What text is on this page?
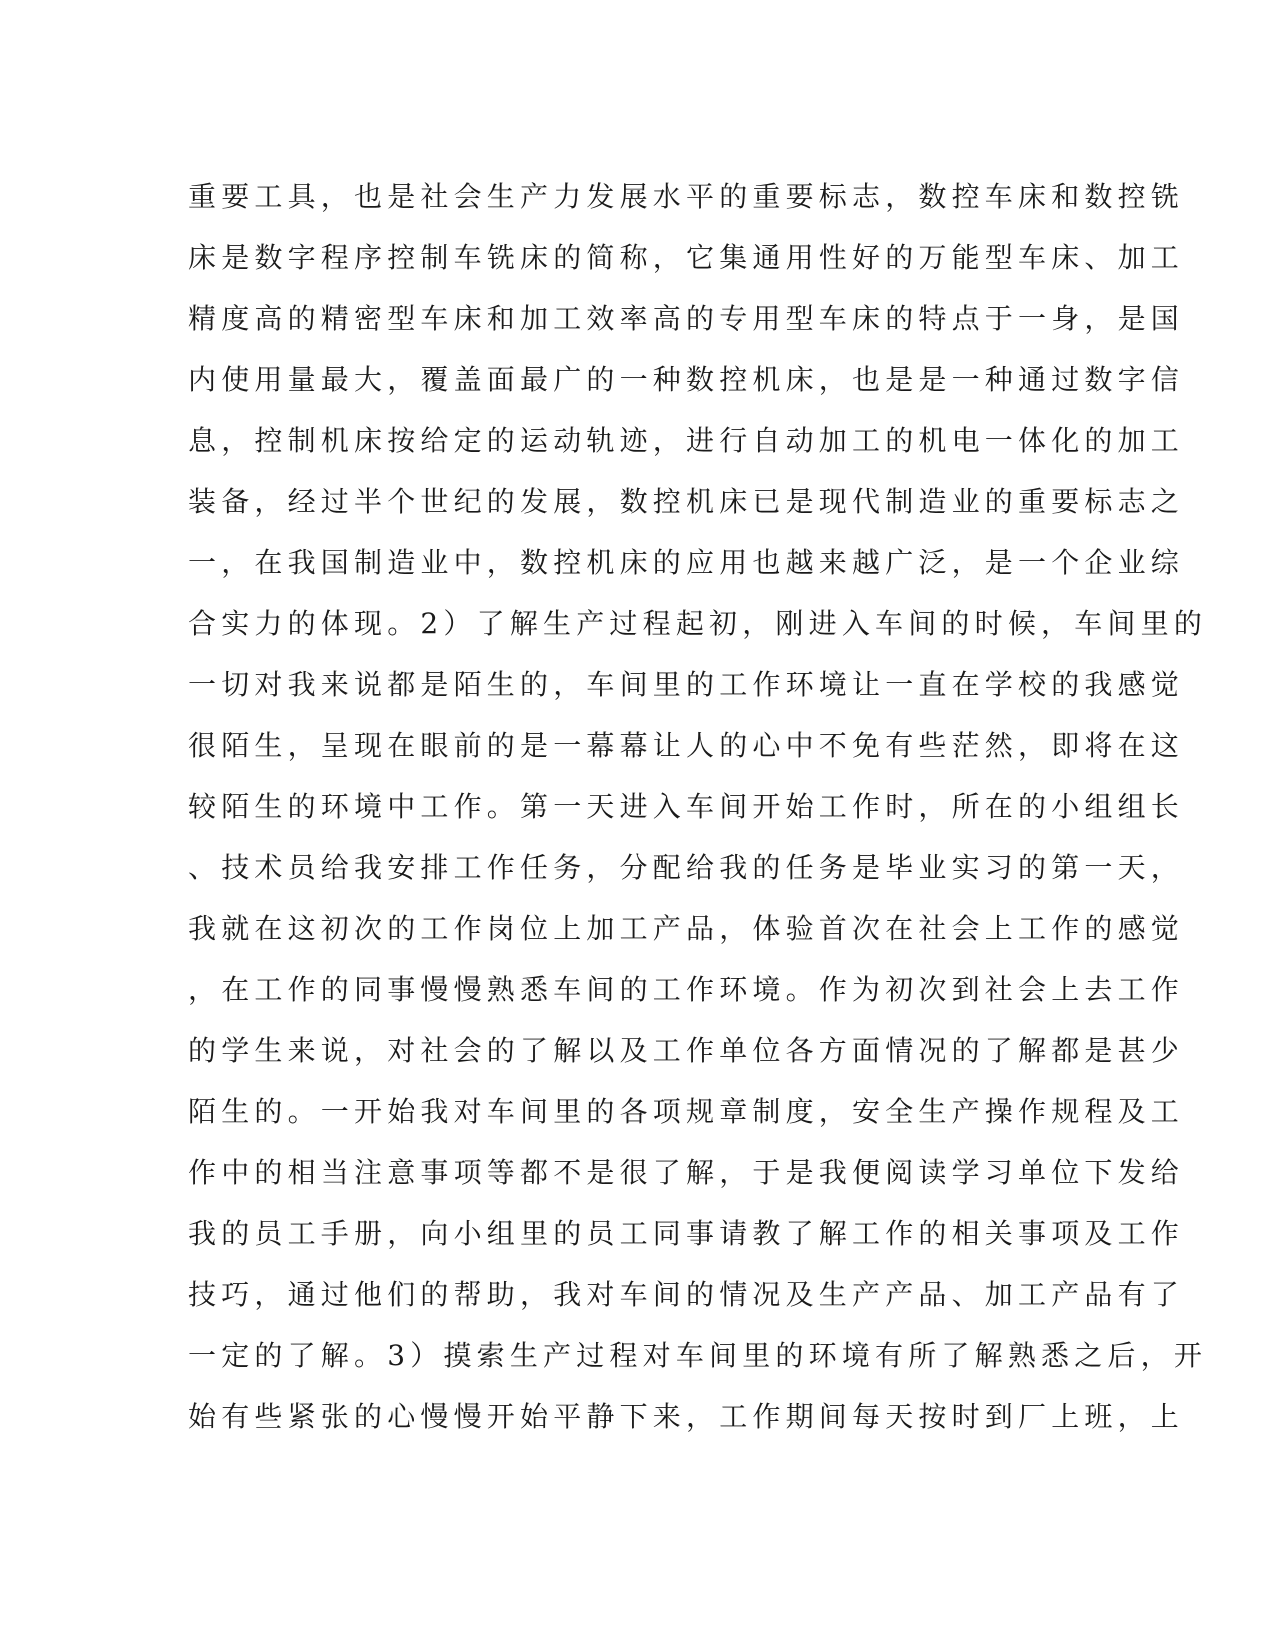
重要工具，也是社会生产力发展水平的重要标志，数控车床和数控铣
床是数字程序控制车铣床的简称，它集通用性好的万能型车床、加工
精度高的精密型车床和加工效率高的专用型车床的特点于一身，是国
内使用量最大，覆盖面最广的一种数控机床，也是是一种通过数字信
息，控制机床按给定的运动轨迹，进行自动加工的机电一体化的加工
装备，经过半个世纪的发展，数控机床已是现代制造业的重要标志之
一，在我国制造业中，数控机床的应用也越来越广泛，是一个企业综
合实力的体现。2）了解生产过程起初，刚进入车间的时候，车间里的
一切对我来说都是陌生的，车间里的工作环境让一直在学校的我感觉
很陌生，呈现在眼前的是一幕幕让人的心中不免有些茫然，即将在这
较陌生的环境中工作。第一天进入车间开始工作时，所在的小组组长
、技术员给我安排工作任务，分配给我的任务是毕业实习的第一天，
我就在这初次的工作岗位上加工产品，体验首次在社会上工作的感觉
，在工作的同事慢慢熟悉车间的工作环境。作为初次到社会上去工作
的学生来说，对社会的了解以及工作单位各方面情况的了解都是甚少
陌生的。一开始我对车间里的各项规章制度，安全生产操作规程及工
作中的相当注意事项等都不是很了解，于是我便阅读学习单位下发给
我的员工手册，向小组里的员工同事请教了解工作的相关事项及工作
技巧，通过他们的帮助，我对车间的情况及生产产品、加工产品有了
一定的了解。3）摸索生产过程对车间里的环境有所了解熟悉之后，开
始有些紧张的心慢慢开始平静下来，工作期间每天按时到厂上班，上
